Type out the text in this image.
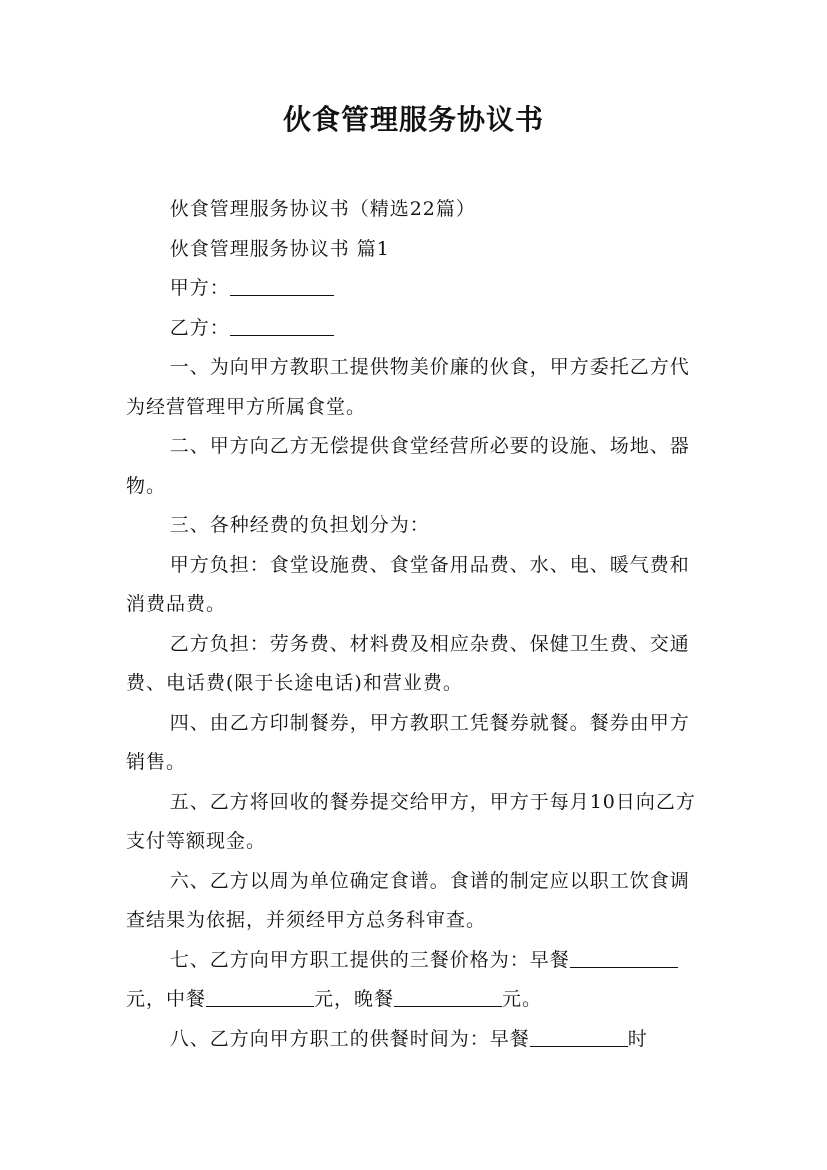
伙食管理服务协议书

伙食管理服务协议书（精选22篇）

伙食管理服务协议书 篇1

甲方：

乙方：

一、为向甲方教职工提供物美价廉的伙食，甲方委托乙方代为经营管理甲方所属食堂。

二、甲方向乙方无偿提供食堂经营所必要的设施、场地、器物。

三、各种经费的负担划分为：

甲方负担：食堂设施费、食堂备用品费、水、电、暖气费和消费品费。

乙方负担：劳务费、材料费及相应杂费、保健卫生费、交通费、电话费(限于长途电话)和营业费。

四、由乙方印制餐券，甲方教职工凭餐券就餐。餐券由甲方销售。

五、乙方将回收的餐券提交给甲方，甲方于每月10日向乙方支付等额现金。

六、乙方以周为单位确定食谱。食谱的制定应以职工饮食调查结果为依据，并须经甲方总务科审查。

七、乙方向甲方职工提供的三餐价格为：早餐元，中餐	元，晚餐	元。

八、乙方向甲方职工的供餐时间为：早餐	时
